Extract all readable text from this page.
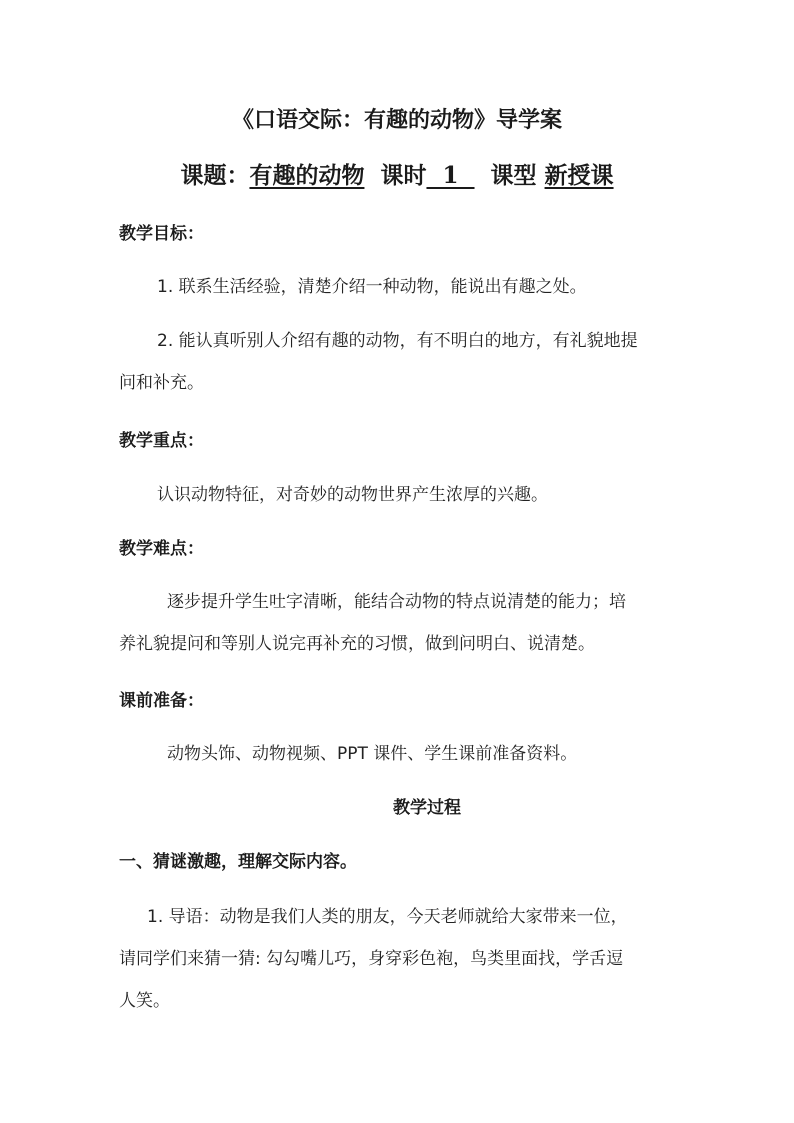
《口语交际：有趣的动物》导学案
课题：有趣的动物 课时  1    课型 新授课
教学目标：
1. 联系生活经验，清楚介绍一种动物，能说出有趣之处。
2. 能认真听别人介绍有趣的动物，有不明白的地方，有礼貌地提
问和补充。
教学重点：
认识动物特征，对奇妙的动物世界产生浓厚的兴趣。
教学难点：
逐步提升学生吐字清晰，能结合动物的特点说清楚的能力；培
养礼貌提问和等别人说完再补充的习惯，做到问明白、说清楚。
课前准备：
动物头饰、动物视频、PPT 课件、学生课前准备资料。
教学过程
一、猜谜激趣，理解交际内容。
1. 导语：动物是我们人类的朋友，今天老师就给大家带来一位，
请同学们来猜一猜: 勾勾嘴儿巧，身穿彩色袍，鸟类里面找，学舌逗
人笑。
